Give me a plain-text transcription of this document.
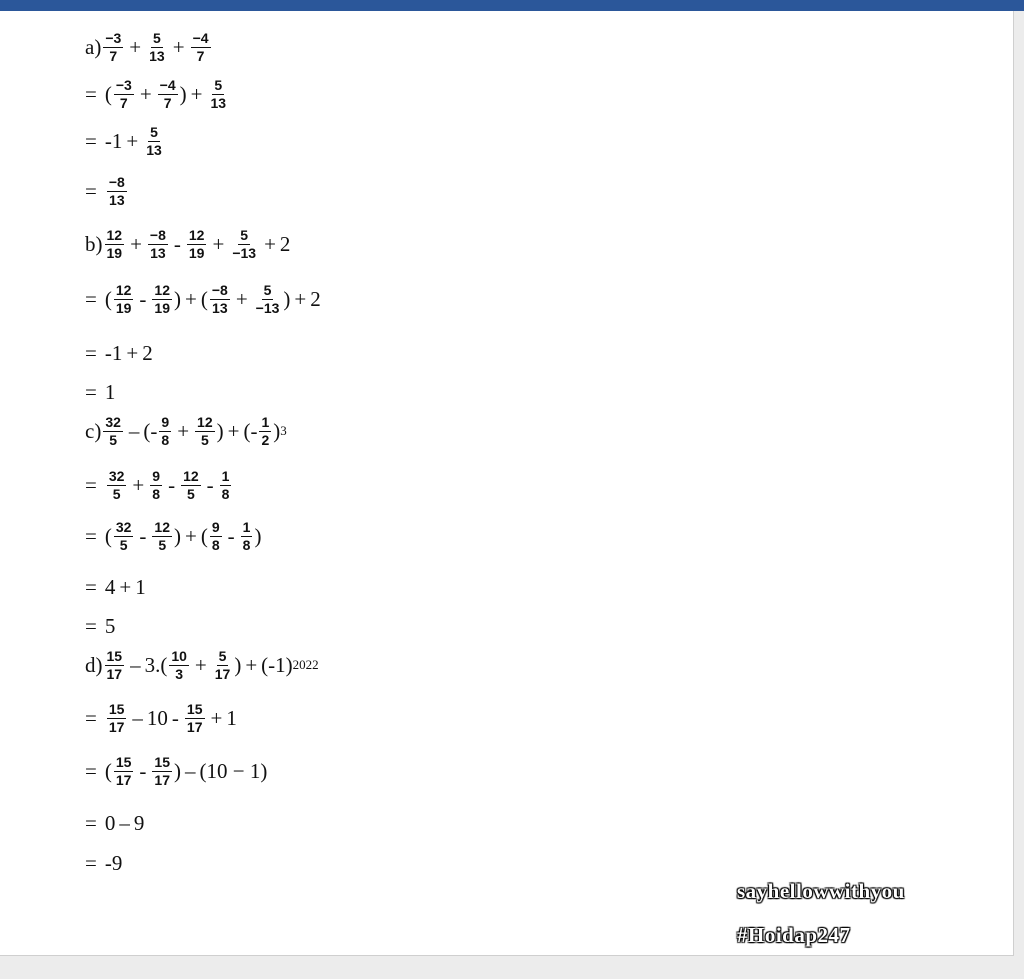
$a) \frac{-3}{7} + \frac{5}{13} + \frac{-4}{7}$
= ( $\frac{-3}{7} + \frac{-4}{7}$ ) + $\frac{5}{13}$
= $-1 + \frac{5}{13}$
= $\frac{-8}{13}$
$b) \frac{12}{19} + \frac{-8}{13} - \frac{12}{19} + \frac{5}{-13} + 2$
= ( $\frac{12}{19} - \frac{12}{19}$ ) + ( $\frac{-8}{13} + \frac{5}{-13}$ ) + 2
= -1 + 2
= 1
$c) \frac{32}{5}$ – (- $\frac{9}{8} + \frac{12}{5}$ ) + (- $\frac{1}{2}$ ) 3
= $\frac{32}{5} + \frac{9}{8} - \frac{12}{5} - \frac{1}{8}$
= ( $\frac{32}{5} - \frac{12}{5}$ ) + ( $\frac{9}{8} - \frac{1}{8}$ )
= 4 + 1
= 5
$d) \frac{15}{17} - 3$. ( $\frac{10}{3} + \frac{5}{17}$ ) + (-1) 2022
= $\frac{15}{17} - 10 - \frac{15}{17} + 1$
= ( $\frac{15}{17} - \frac{15}{17}$ ) – (10 − 1)
= 0 – 9
= -9
sayhellowwithyou
#Hoidap247
